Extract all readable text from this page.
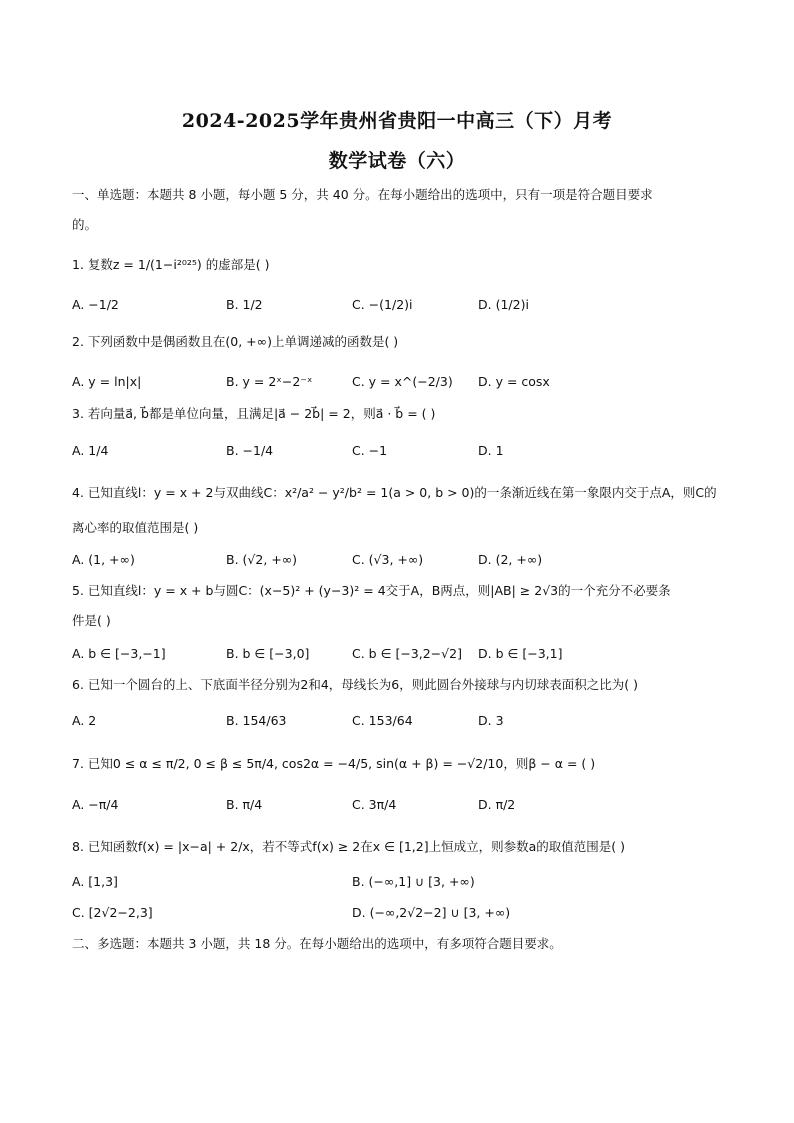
2024-2025学年贵州省贵阳一中高三（下）月考
数学试卷（六）
一、单选题：本题共 8 小题，每小题 5 分，共 40 分。在每小题给出的选项中，只有一项是符合题目要求
的。
1. 复数z = 1/(1−i²⁰²⁵) 的虚部是( )
A. −1/2	B. 1/2	C. −(1/2)i	D. (1/2)i
2. 下列函数中是偶函数且在(0, +∞)上单调递减的函数是( )
A. y = ln|x|	B. y = 2ˣ−2⁻ˣ	C. y = x^(−2/3) D. y = cosx
3. 若向量a⃗, b⃗都是单位向量，且满足|a⃗ − 2b⃗| = 2，则a⃗ · b⃗ = ( )
A. 1/4	B. −1/4	C. −1	D. 1
4. 已知直线l：y = x + 2与双曲线C：x²/a² − y²/b² = 1(a > 0, b > 0)的一条渐近线在第一象限内交于点A，则C的
离心率的取值范围是( )
A. (1, +∞)	B. (√2, +∞)	C. (√3, +∞)	D. (2, +∞)
5. 已知直线l：y = x + b与圆C：(x−5)² + (y−3)² = 4交于A，B两点，则|AB| ≥ 2√3的一个充分不必要条
件是( )
A. b ∈ [−3,−1]	B. b ∈ [−3,0]	C. b ∈ [−3,2−√2] D. b ∈ [−3,1]
6. 已知一个圆台的上、下底面半径分别为2和4，母线长为6，则此圆台外接球与内切球表面积之比为( )
A. 2	B. 154/63	C. 153/64	D. 3
7. 已知0 ≤ α ≤ π/2, 0 ≤ β ≤ 5π/4, cos2α = −4/5, sin(α + β) = −√2/10，则β − α = ( )
A. −π/4	B. π/4	C. 3π/4	D. π/2
8. 已知函数f(x) = |x−a| + 2/x，若不等式f(x) ≥ 2在x ∈ [1,2]上恒成立，则参数a的取值范围是( )
A. [1,3]	B. (−∞,1] ∪ [3, +∞)
C. [2√2−2,3]	D. (−∞,2√2−2] ∪ [3, +∞)
二、多选题：本题共 3 小题，共 18 分。在每小题给出的选项中，有多项符合题目要求。
